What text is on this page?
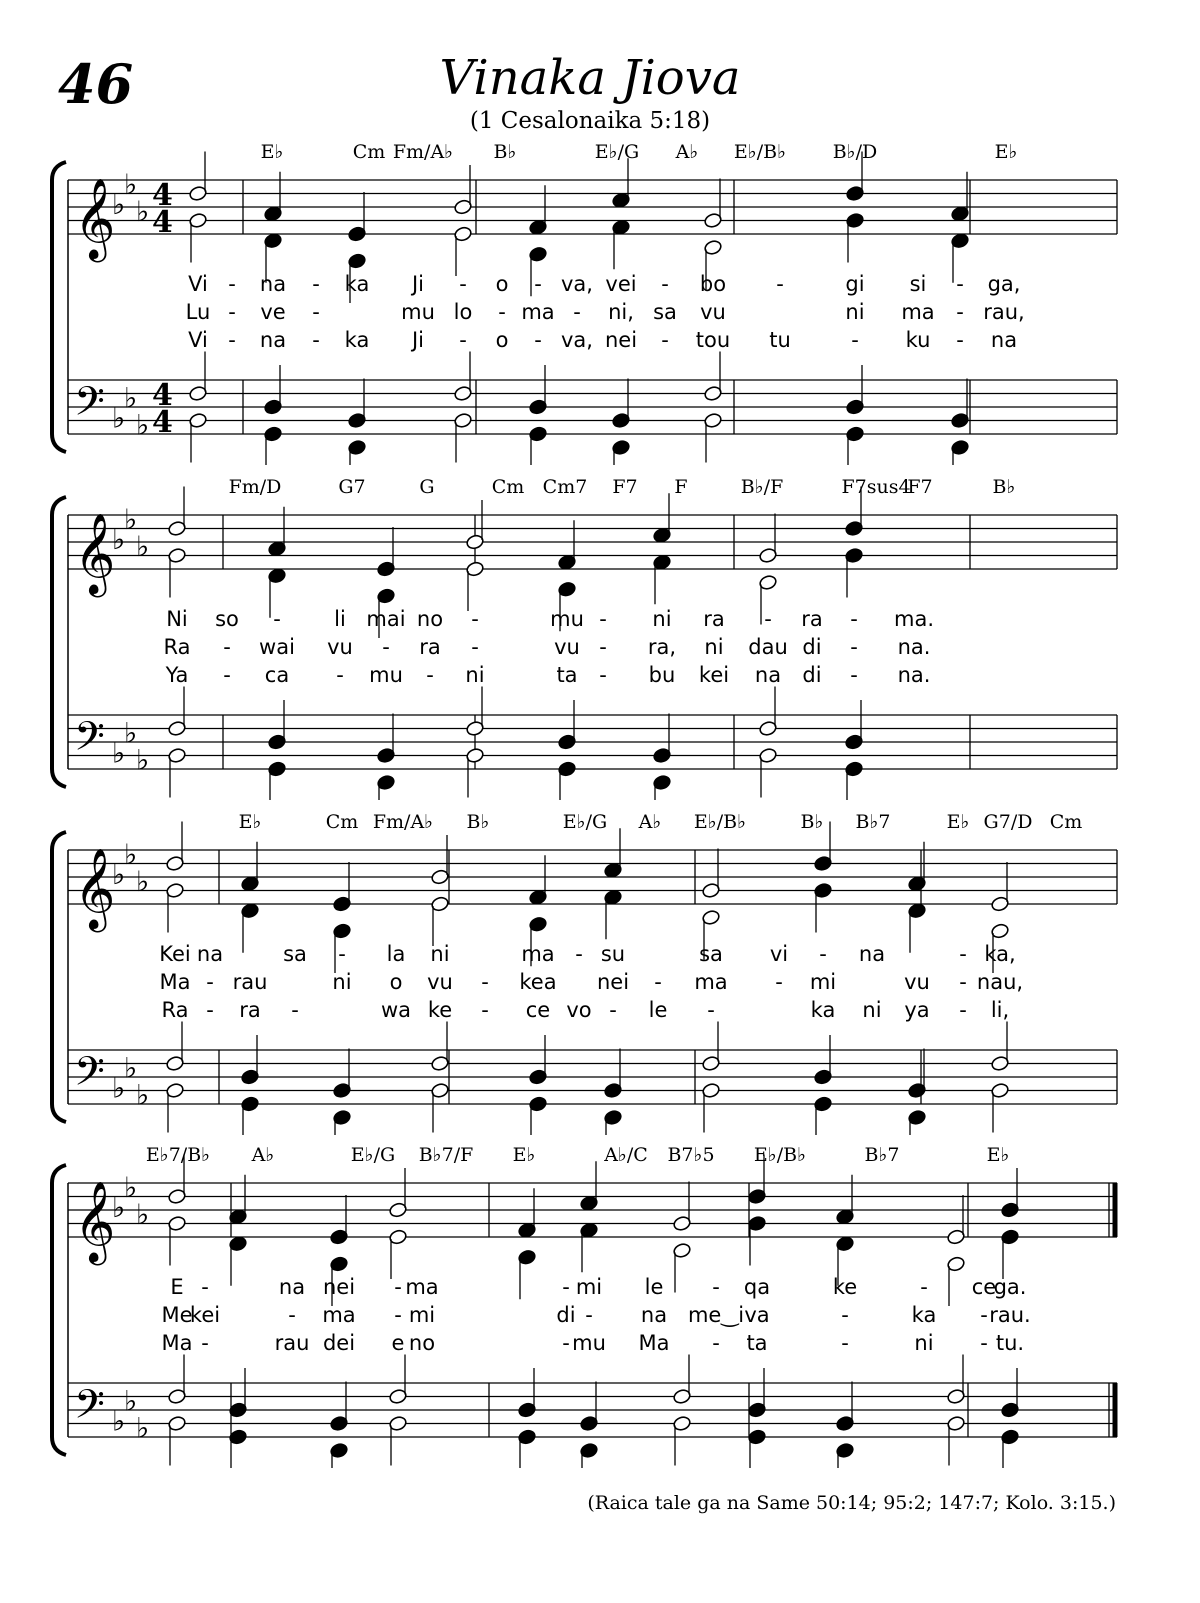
46	Vinaka Jiova
(1 Cesalonaika 5:18)
𝄞
𝄢
♭
♭
♭
♭
♭
♭
4
4
4
4
E♭	Cm Fm/A♭ B♭	E♭/G A♭ E♭/B♭ B♭/D	E♭
Vi - na - ka Ji - o - va, vei - bo -	gi si - ga,
Lu - ve -	mu lo - ma - ni, sa vu	ni ma - rau,
Vi - na - ka Ji - o - va, nei - tou tu	- ku - na
𝄞
𝄢
♭
♭
♭
♭
♭
♭
Fm/D	G7	G	Cm Cm7 F7 F	B♭/F	F7sus4
F7	B♭
Ni so -	li mai no -	mu - ni ra - ra - ma.
Ra - wai vu - ra -	vu - ra, ni dau di - na.
Ya - ca - mu - ni	ta - bu kei na di - na.
𝄞
𝄢
♭
♭
♭
♭
♭
♭
E♭	Cm Fm/A♭ B♭	E♭/G A♭ E♭/B♭	B♭ B♭7	E♭ G7/D Cm
Kei na	sa - la ni	ma - su	sa vi - na	- ka,
Ma - rau	ni o vu - kea nei - ma - mi	vu - nau,
Ra - ra -	wa ke - ce vo - le -	ka ni ya - li,
𝄞
𝄢
♭
♭
♭
♭
♭
♭
E♭7/B♭ A♭	E♭/G B♭7/F E♭	A♭/C B7♭5 E♭/B♭	B♭7	E♭
E -	na nei - ma	- mi le - qa	ke	- ce
ga.
Me
kei	- ma - mi	di - na me‿i va	-	ka - rau.
Ma -	rau dei e no	- mu Ma - ta	-	ni - tu.
(Raica tale ga na Same 50:14; 95:2; 147:7; Kolo. 3:15.)
